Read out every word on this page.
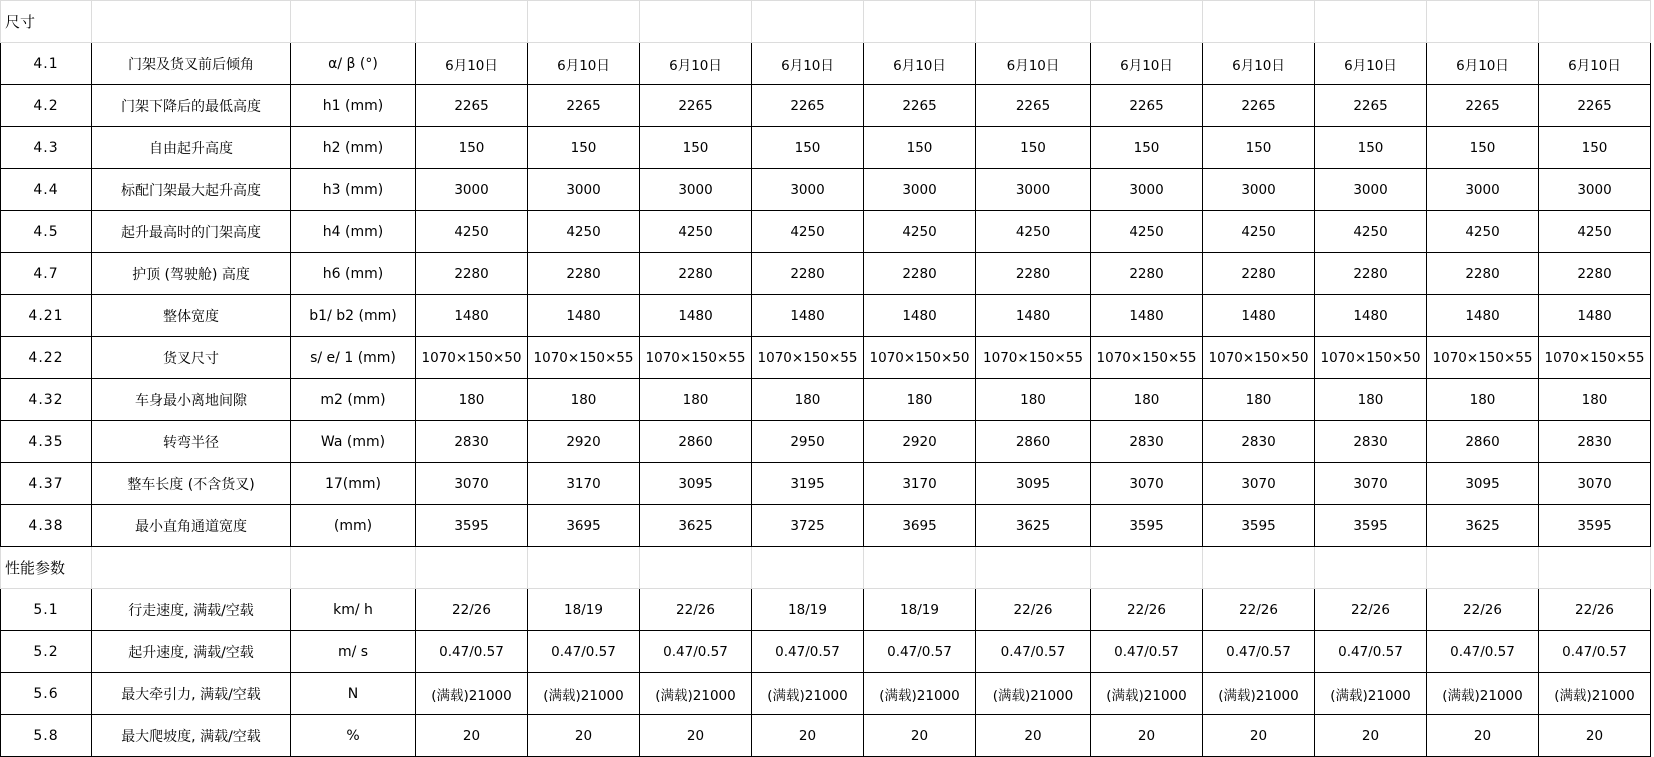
尺寸													
4.1	门架及货叉前后倾角	α/ β (°)	6月10日	6月10日	6月10日	6月10日	6月10日	6月10日	6月10日	6月10日	6月10日	6月10日	6月10日
4.2	门架下降后的最低高度	h1 (mm)	2265	2265	2265	2265	2265	2265	2265	2265	2265	2265	2265
4.3	自由起升高度	h2 (mm)	150	150	150	150	150	150	150	150	150	150	150
4.4	标配门架最大起升高度	h3 (mm)	3000	3000	3000	3000	3000	3000	3000	3000	3000	3000	3000
4.5	起升最高时的门架高度	h4 (mm)	4250	4250	4250	4250	4250	4250	4250	4250	4250	4250	4250
4.7	护顶 (驾驶舱) 高度	h6 (mm)	2280	2280	2280	2280	2280	2280	2280	2280	2280	2280	2280
4.21	整体宽度	b1/ b2 (mm)	1480	1480	1480	1480	1480	1480	1480	1480	1480	1480	1480
4.22	货叉尺寸	s/ e/ 1 (mm)	1070×150×50	1070×150×55	1070×150×55	1070×150×55	1070×150×50	1070×150×55	1070×150×55	1070×150×50	1070×150×50	1070×150×55	1070×150×55
4.32	车身最小离地间隙	m2 (mm)	180	180	180	180	180	180	180	180	180	180	180
4.35	转弯半径	Wa (mm)	2830	2920	2860	2950	2920	2860	2830	2830	2830	2860	2830
4.37	整车长度 (不含货叉)	17(mm)	3070	3170	3095	3195	3170	3095	3070	3070	3070	3095	3070
4.38	最小直角通道宽度	(mm)	3595	3695	3625	3725	3695	3625	3595	3595	3595	3625	3595
性能参数													
5.1	行走速度, 满载/空载	km/ h	22/26	18/19	22/26	18/19	18/19	22/26	22/26	22/26	22/26	22/26	22/26
5.2	起升速度, 满载/空载	m/ s	0.47/0.57	0.47/0.57	0.47/0.57	0.47/0.57	0.47/0.57	0.47/0.57	0.47/0.57	0.47/0.57	0.47/0.57	0.47/0.57	0.47/0.57
5.6	最大牵引力, 满载/空载	N	(满载)21000	(满载)21000	(满载)21000	(满载)21000	(满载)21000	(满载)21000	(满载)21000	(满载)21000	(满载)21000	(满载)21000	(满载)21000
5.8	最大爬坡度, 满载/空载	%	20	20	20	20	20	20	20	20	20	20	20
